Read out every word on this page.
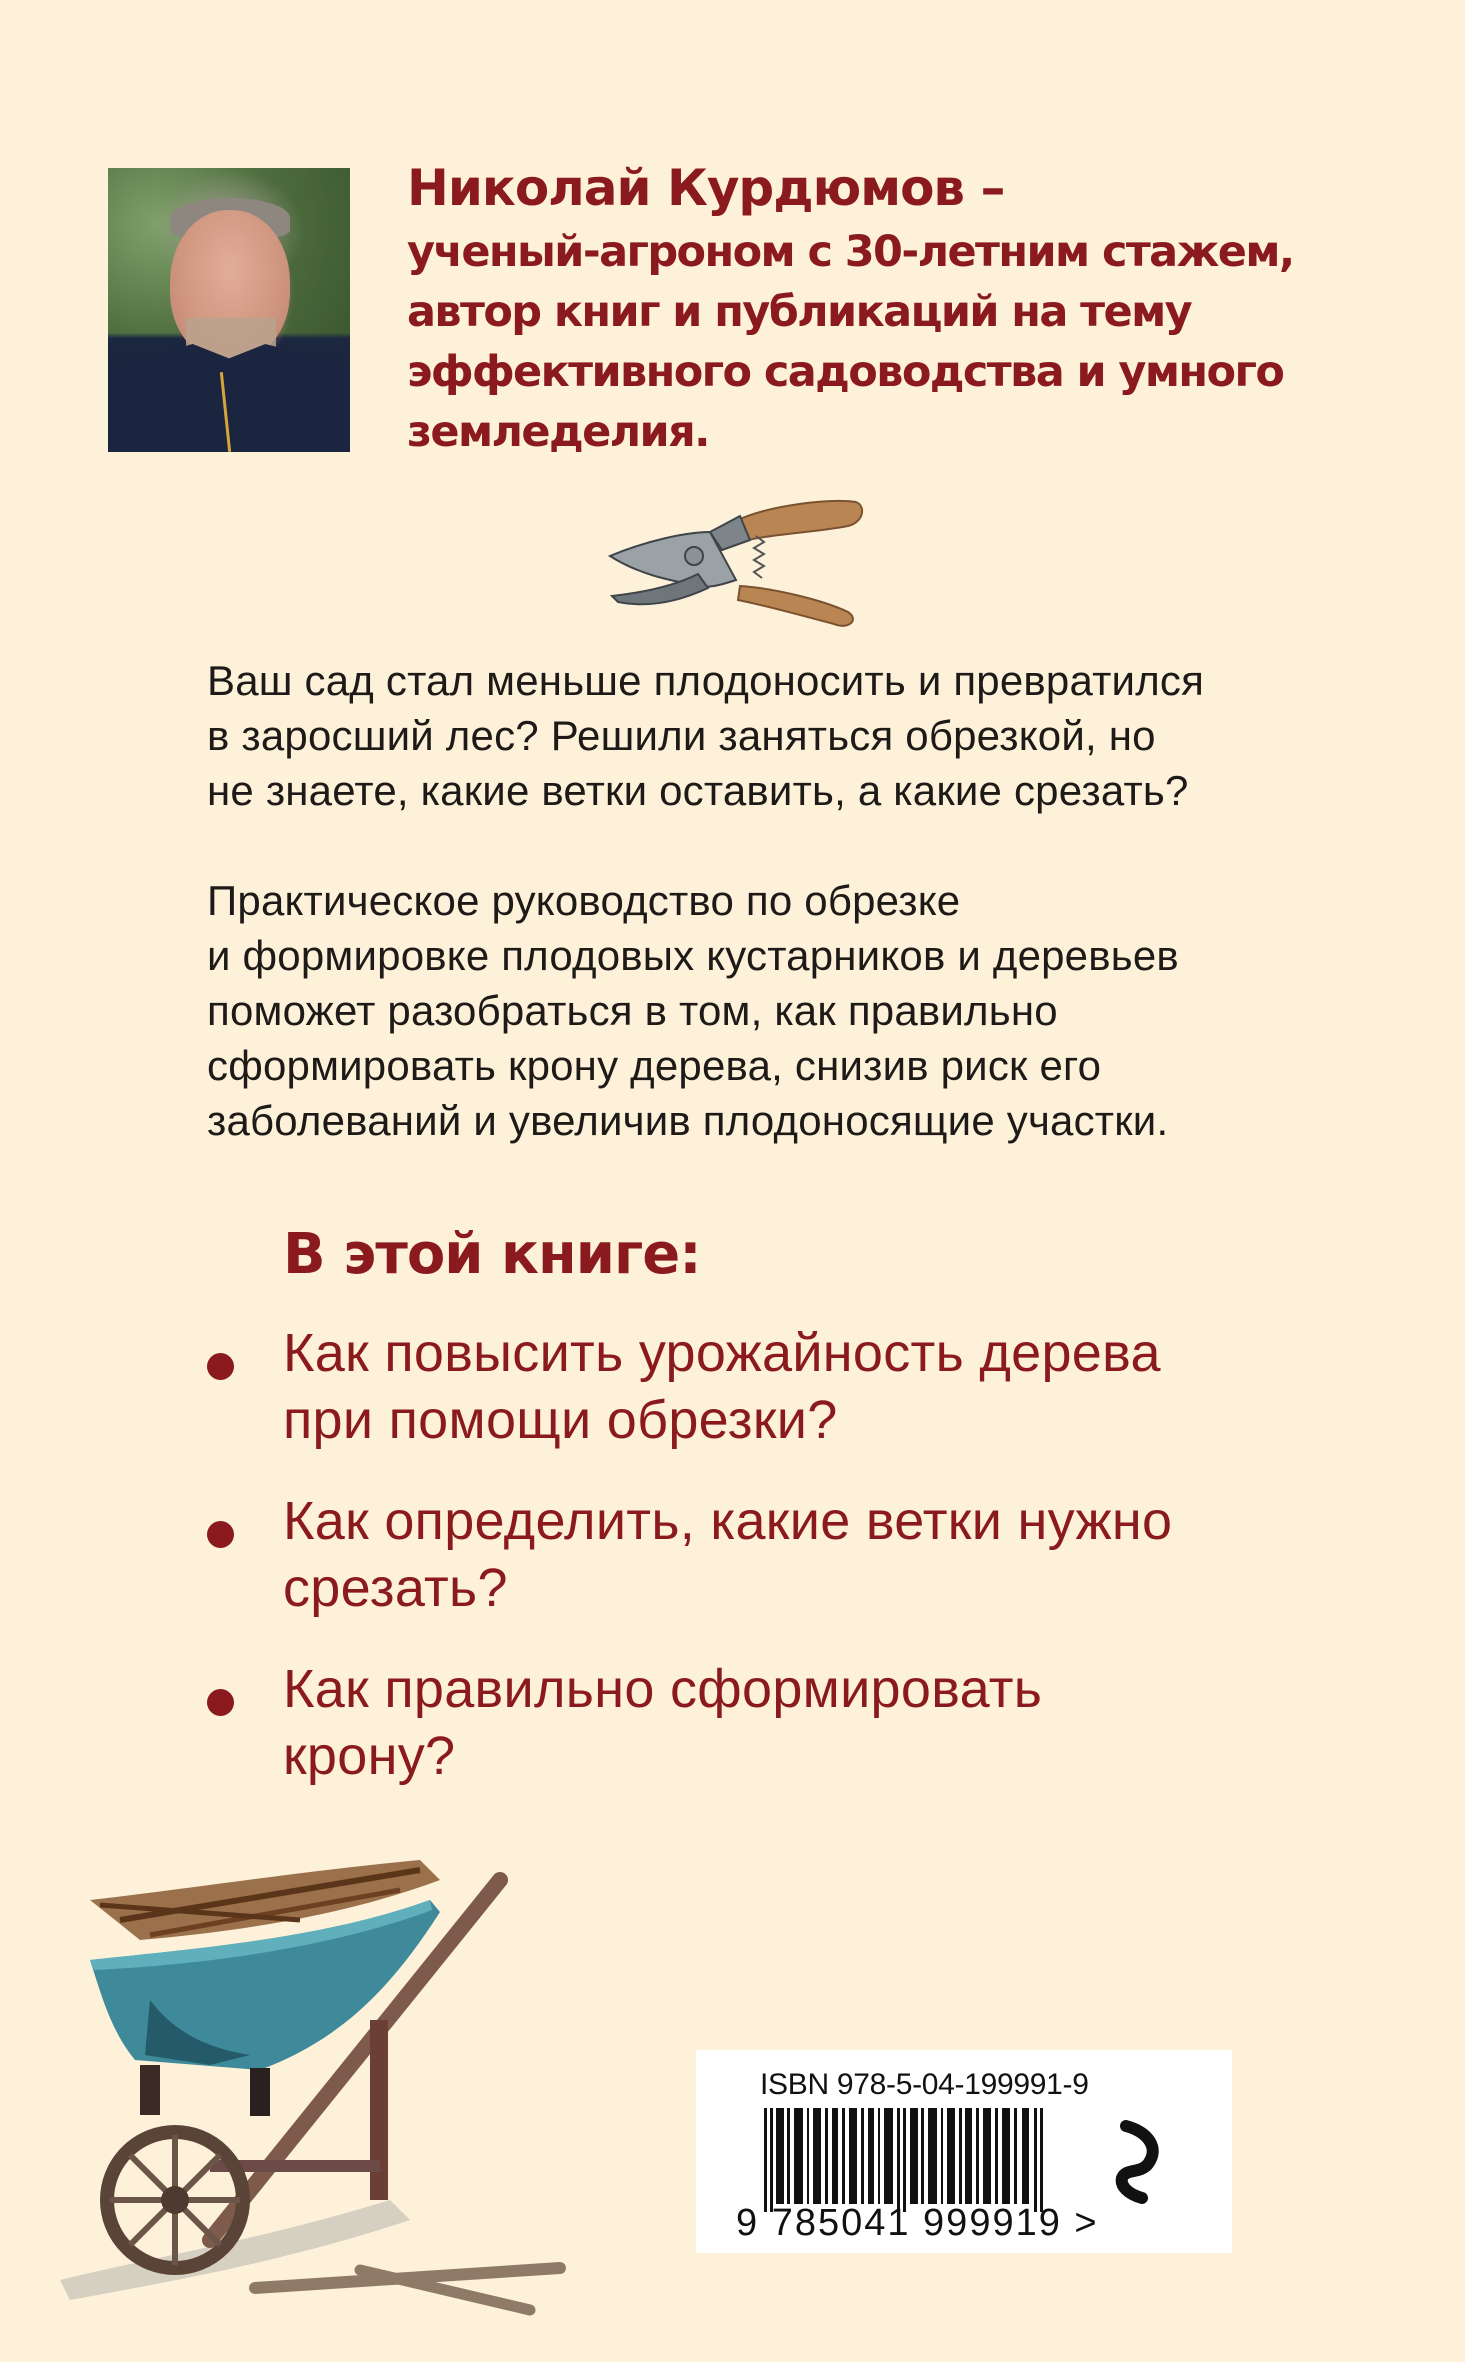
Николай Курдюмов –
ученый-агроном с 30-летним стажем,
автор книг и публикаций на тему
эффективного садоводства и умного
земледелия.
Ваш сад стал меньше плодоносить и превратился
в заросший лес? Решили заняться обрезкой, но
не знаете, какие ветки оставить, а какие срезать?
Практическое руководство по обрезке
и формировке плодовых кустарников и деревьев
поможет разобраться в том, как правильно
сформировать крону дерева, снизив риск его
заболеваний и увеличив плодоносящие участки.
В этой книге:
Как повысить урожайность дерева
при помощи обрезки?
Как определить, какие ветки нужно
срезать?
Как правильно сформировать
крону?
ISBN 978-5-04-199991-9
9 785041 999919 >
